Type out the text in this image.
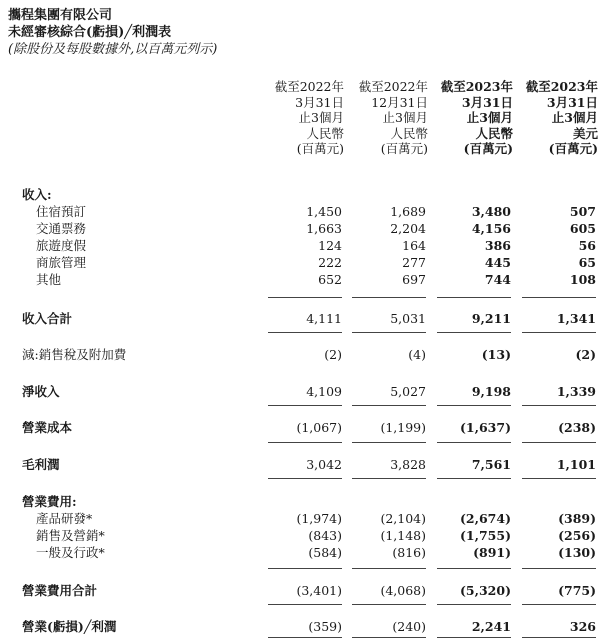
攜程集團有限公司
未經審核綜合(虧損)╱利潤表
(除股份及每股數據外,以百萬元列示)
截至2022年
3月31日
止3個月
人民幣
(百萬元)
截至2022年
12月31日
止3個月
人民幣
(百萬元)
截至2023年
3月31日
止3個月
人民幣
(百萬元)
截至2023年
3月31日
止3個月
美元
(百萬元)
收入:
住宿預訂	1,450	1,689	3,480	507
交通票務	1,663	2,204	4,156	605
旅遊度假	124	164	386	56
商旅管理	222	277	445	65
其他	652	697	744	108
收入合計	4,111	5,031	9,211	1,341
減:銷售稅及附加費	(2)	(4)	(13)	(2)
淨收入	4,109	5,027	9,198	1,339
營業成本	(1,067)	(1,199)	(1,637)	(238)
毛利潤	3,042	3,828	7,561	1,101
營業費用:
產品研發*	(1,974)	(2,104)	(2,674)	(389)
銷售及營銷*	(843)	(1,148)	(1,755)	(256)
一般及行政*	(584)	(816)	(891)	(130)
營業費用合計	(3,401)	(4,068)	(5,320)	(775)
營業(虧損)╱利潤	(359)	(240)	2,241	326
